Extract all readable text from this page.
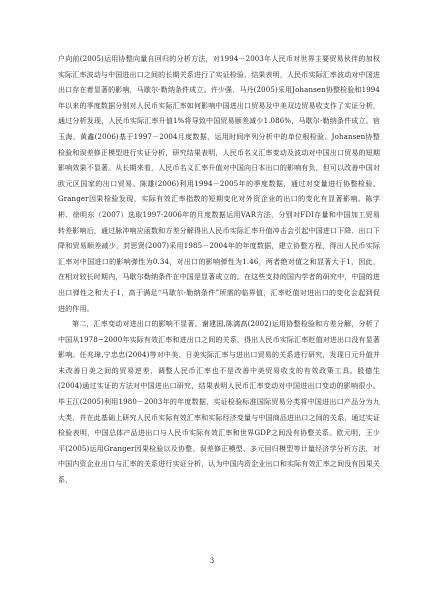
户向前(2005)运用协整向量自回归的分析方法，对1994－2003年人民币对世界主要贸易伙伴的加权实际汇率波动与中国进出口之间的长期关系进行了实证检验，结果表明，人民币实际汇率波动对中国进出口存在着显著的影响，马歇尔-勒纳条件成立。许少强、马丹(2005)采用Johansen协整检验和1994年以来的季度数据分别对人民币实际汇率如何影响中国进出口贸易及中美双边贸易收支作了实证分析，通过分析发现，人民币实际汇率升值1%将导致中国贸易顺差减少1.086%，马歇尔-勒纳条件成立。宿玉海、黄鑫(2006)基于1997－2004月度数据，运用时间序列分析中的单位根检验、Johansen协整检验和误差修正模型进行实证分析，研究结果表明，人民币名义汇率变动及波动对中国出口贸易的短期影响效果不显著。从长期来看，人民币名义汇率升值对中国向日本出口的影响有负，但可以改善中国对欧元区国家的出口贸易。陈雄(2006)利用1994－2005年的季度数据，通过对变量进行协整检验、Granger因果检验发现，实际有效汇率指数的短期变化对外资企业的出口的变化有显著影响。陈学彬、徐明东（2007）选取1997-2006年的月度数据运用VAR方法，分别对FDI存量和中国加工贸易转差影响后，通过脉冲响应函数和方差分解得出人民币实际汇率升值冲击会引起中国进口下降、出口下降和贸易顺差减少，封思贤(2007)采用1985－2004年的年度数据，建立协整方程，得出人民币实际汇率对中国进口的影响弹性为0.34，对出口的影响弹性为1.46，两者绝对值之和显著大于1，因此，在相对较长时期内，马歇尔勒纳条件在中国是显著成立的。在这些支持的国内学者的研究中，中国的进出口弹性之和大于1，高于满足“马歇尔-勒纳条件”所需的临界值，汇率贬值对进出口的变化会起到促进的作用。

第二，汇率变动对进出口的影响不显著。谢建国,陈漓高(2002)运用协整检验和方差分解，分析了中国从1978~2000年实际有效汇率和进出口之间的关系，得出人民币实际汇率贬值对进出口没有显著影响。任兆璋,宁忠忠(2004)等对中美、日美实际汇率与进出口贸易的关系进行研究，发现日元升值并未改善日美之间的贸易逆差，调整人民币汇率也不是改善中美贸易收支的有效政策工具。股德生(2004)通过实证的方法对中国进出口研究，结果表明人民币汇率变动对中国进出口变动的影响很小。毕玉江(2005)利用1980－2003年的年度数据，实证检验标准国际贸易分类将中国进出口产品分为九大类，并在此基础上研究人民币实际有效汇率和实际经济变量与中国商品进出口之间的关系，通过实证检验表明，中国总体产品进出口与人民币实际有效汇率和世界GDP之间没有协整关系。欧元明，王少平(2005)运用Granger因果检验以及协整、误差修正模型、多元回归模型等计量经济学分析方法，对中国内资企业出口与汇率的关系进行实证分析，认为中国内资企业出口和实际有效汇率之间没有因果关系，

3
